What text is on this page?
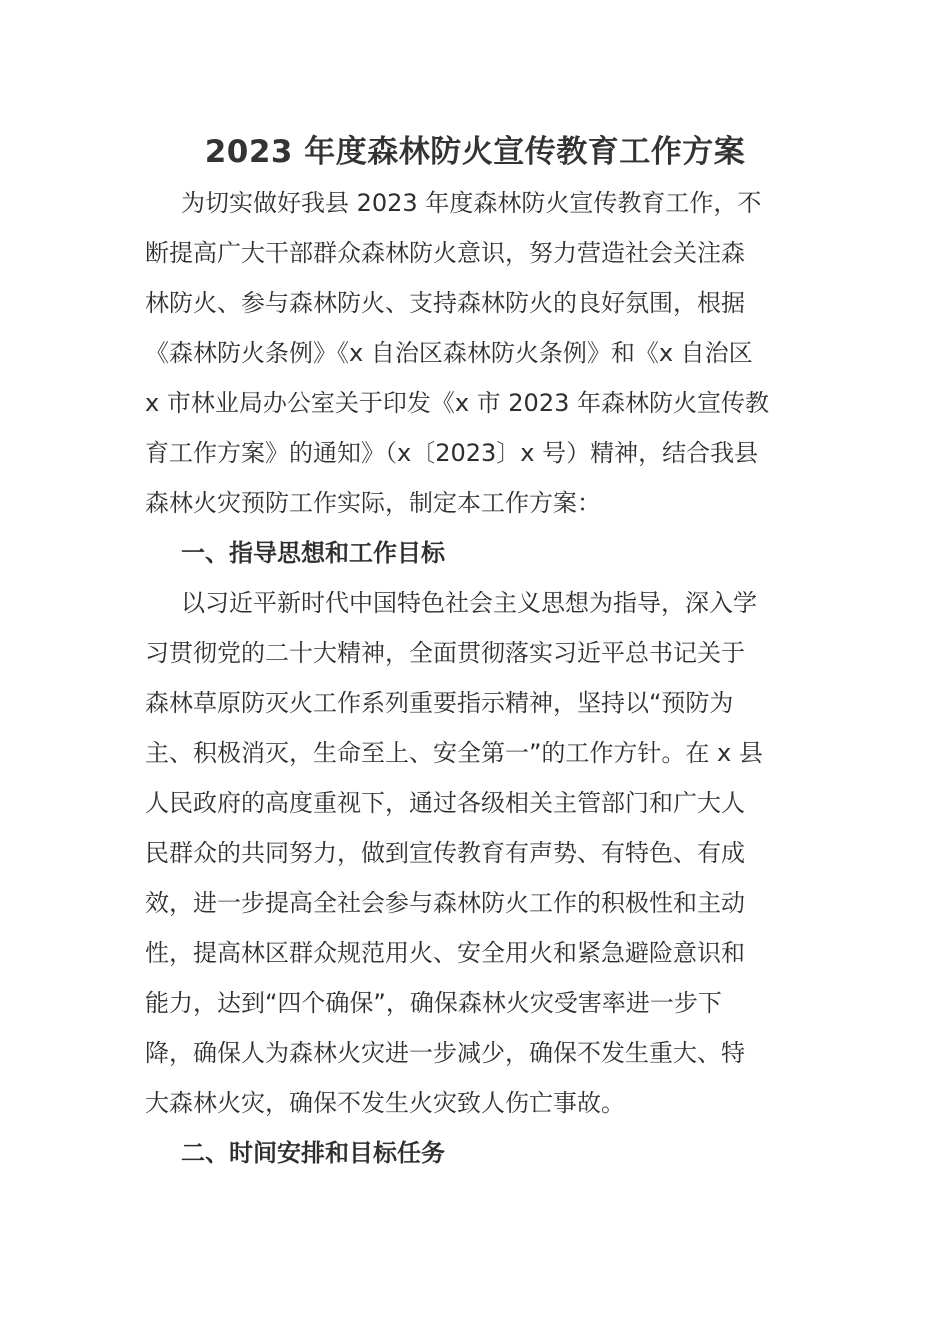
2023 年度森林防火宣传教育工作方案

为切实做好我县 2023 年度森林防火宣传教育工作，不

断提高广大干部群众森林防火意识，努力营造社会关注森

林防火、参与森林防火、支持森林防火的良好氛围，根据

《森林防火条例》《x 自治区森林防火条例》和《x 自治区

x 市林业局办公室关于印发《x 市 2023 年森林防火宣传教

育工作方案》的通知》（x〔2023〕x 号）精神，结合我县

森林火灾预防工作实际，制定本工作方案：

一、指导思想和工作目标

以习近平新时代中国特色社会主义思想为指导，深入学

习贯彻党的二十大精神，全面贯彻落实习近平总书记关于

森林草原防灭火工作系列重要指示精神，坚持以“预防为

主、积极消灭，生命至上、安全第一”的工作方针。在 x 县

人民政府的高度重视下，通过各级相关主管部门和广大人

民群众的共同努力，做到宣传教育有声势、有特色、有成

效，进一步提高全社会参与森林防火工作的积极性和主动

性，提高林区群众规范用火、安全用火和紧急避险意识和

能力，达到“四个确保”，确保森林火灾受害率进一步下

降，确保人为森林火灾进一步减少，确保不发生重大、特

大森林火灾，确保不发生火灾致人伤亡事故。

二、时间安排和目标任务
